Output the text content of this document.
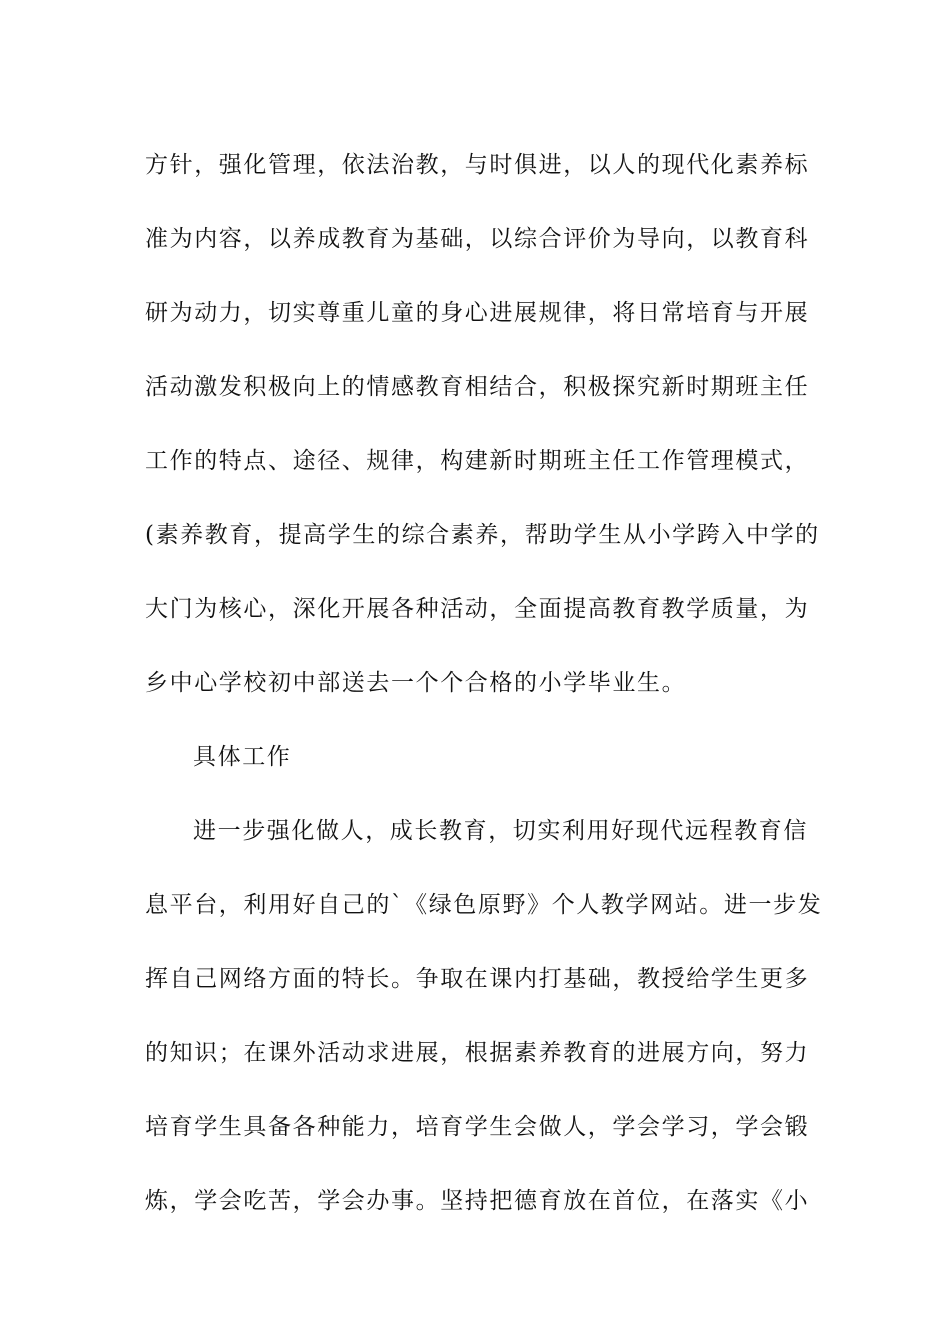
方针，强化管理，依法治教，与时俱进，以人的现代化素养标

准为内容，以养成教育为基础，以综合评价为导向，以教育科

研为动力，切实尊重儿童的身心进展规律，将日常培育与开展

活动激发积极向上的情感教育相结合，积极探究新时期班主任

工作的特点、途径、规律，构建新时期班主任工作管理模式，

(素养教育，提高学生的综合素养，帮助学生从小学跨入中学的

大门为核心，深化开展各种活动，全面提高教育教学质量，为

乡中心学校初中部送去一个个合格的小学毕业生。

具体工作

进一步强化做人，成长教育，切实利用好现代远程教育信

息平台，利用好自己的`《绿色原野》个人教学网站。进一步发

挥自己网络方面的特长。争取在课内打基础，教授给学生更多

的知识；在课外活动求进展，根据素养教育的进展方向，努力

培育学生具备各种能力，培育学生会做人，学会学习，学会锻

炼，学会吃苦，学会办事。坚持把德育放在首位，在落实《小
